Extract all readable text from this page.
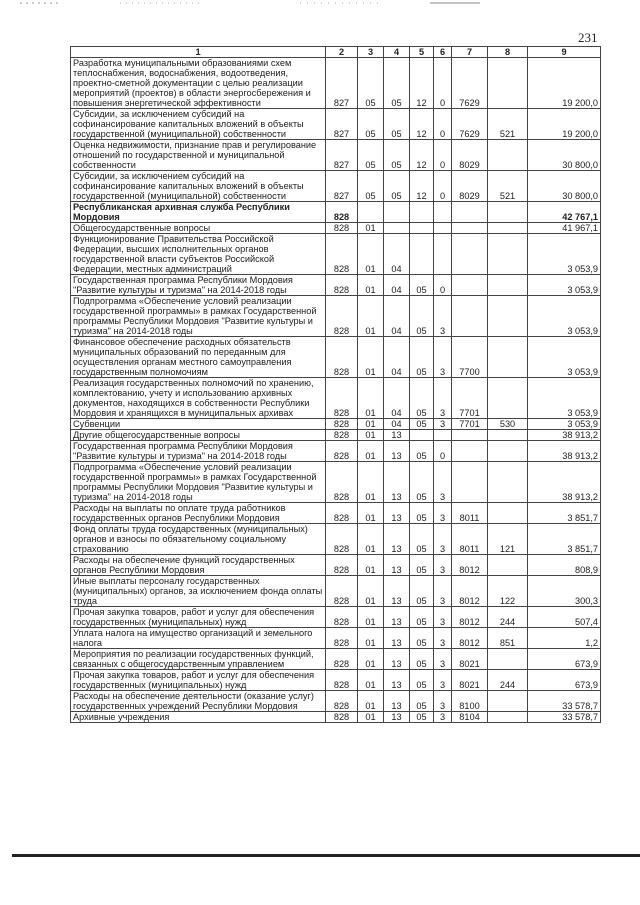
231
1	2	3	4	5	6	7	8	9
Разработка муниципальными образованиями схем теплоснабжения, водоснабжения, водоотведения, проектно-сметной документации с целью реализации мероприятий (проектов) в области энергосбережения и повышения энергетической эффективности	827	05	05	12	0	7629		19 200,0
Субсидии, за исключением субсидий на софинансирование капитальных вложений в объекты государственной (муниципальной) собственности	827	05	05	12	0	7629	521	19 200,0
Оценка недвижимости, признание прав и регулирование отношений по государственной и муниципальной собственности	827	05	05	12	0	8029		30 800,0
Субсидии, за исключением субсидий на софинансирование капитальных вложений в объекты государственной (муниципальной) собственности	827	05	05	12	0	8029	521	30 800,0
Республиканская архивная служба Республики Мордовия	828							42 767,1
Общегосударственные вопросы	828	01						41 967,1
Функционирование Правительства Российской Федерации, высших исполнительных органов государственной власти субъектов Российской Федерации, местных администраций	828	01	04					3 053,9
Государственная программа Республики Мордовия "Развитие культуры и туризма" на 2014-2018 годы	828	01	04	05	0			3 053,9
Подпрограмма «Обеспечение условий реализации государственной программы» в рамках Государственной программы Республики Мордовия "Развитие культуры и туризма" на 2014-2018 годы	828	01	04	05	3			3 053,9
Финансовое обеспечение расходных обязательств муниципальных образований по переданным для осуществления органам местного самоуправления государственным полномочиям	828	01	04	05	3	7700		3 053,9
Реализация государственных полномочий по хранению, комплектованию, учету и использованию архивных документов, находящихся в собственности Республики Мордовия и хранящихся в муниципальных архивах	828	01	04	05	3	7701		3 053,9
Субвенции	828	01	04	05	3	7701	530	3 053,9
Другие общегосударственные вопросы	828	01	13					38 913,2
Государственная программа Республики Мордовия "Развитие культуры и туризма" на 2014-2018 годы	828	01	13	05	0			38 913,2
Подпрограмма «Обеспечение условий реализации государственной программы» в рамках Государственной программы Республики Мордовия "Развитие культуры и туризма" на 2014-2018 годы	828	01	13	05	3			38 913,2
Расходы на выплаты по оплате труда работников государственных органов Республики Мордовия	828	01	13	05	3	8011		3 851,7
Фонд оплаты труда государственных (муниципальных) органов и взносы по обязательному социальному страхованию	828	01	13	05	3	8011	121	3 851,7
Расходы на обеспечение функций государственных органов Республики Мордовия	828	01	13	05	3	8012		808,9
Иные выплаты персоналу государственных (муниципальных) органов, за исключением фонда оплаты труда	828	01	13	05	3	8012	122	300,3
Прочая закупка товаров, работ и услуг для обеспечения государственных (муниципальных) нужд	828	01	13	05	3	8012	244	507,4
Уплата налога на имущество организаций и земельного налога	828	01	13	05	3	8012	851	1,2
Мероприятия по реализации государственных функций, связанных с общегосударственным управлением	828	01	13	05	3	8021		673,9
Прочая закупка товаров, работ и услуг для обеспечения государственных (муниципальных) нужд	828	01	13	05	3	8021	244	673,9
Расходы на обеспечение деятельности (оказание услуг) государственных учреждений Республики Мордовия	828	01	13	05	3	8100		33 578,7
Архивные учреждения	828	01	13	05	3	8104		33 578,7
